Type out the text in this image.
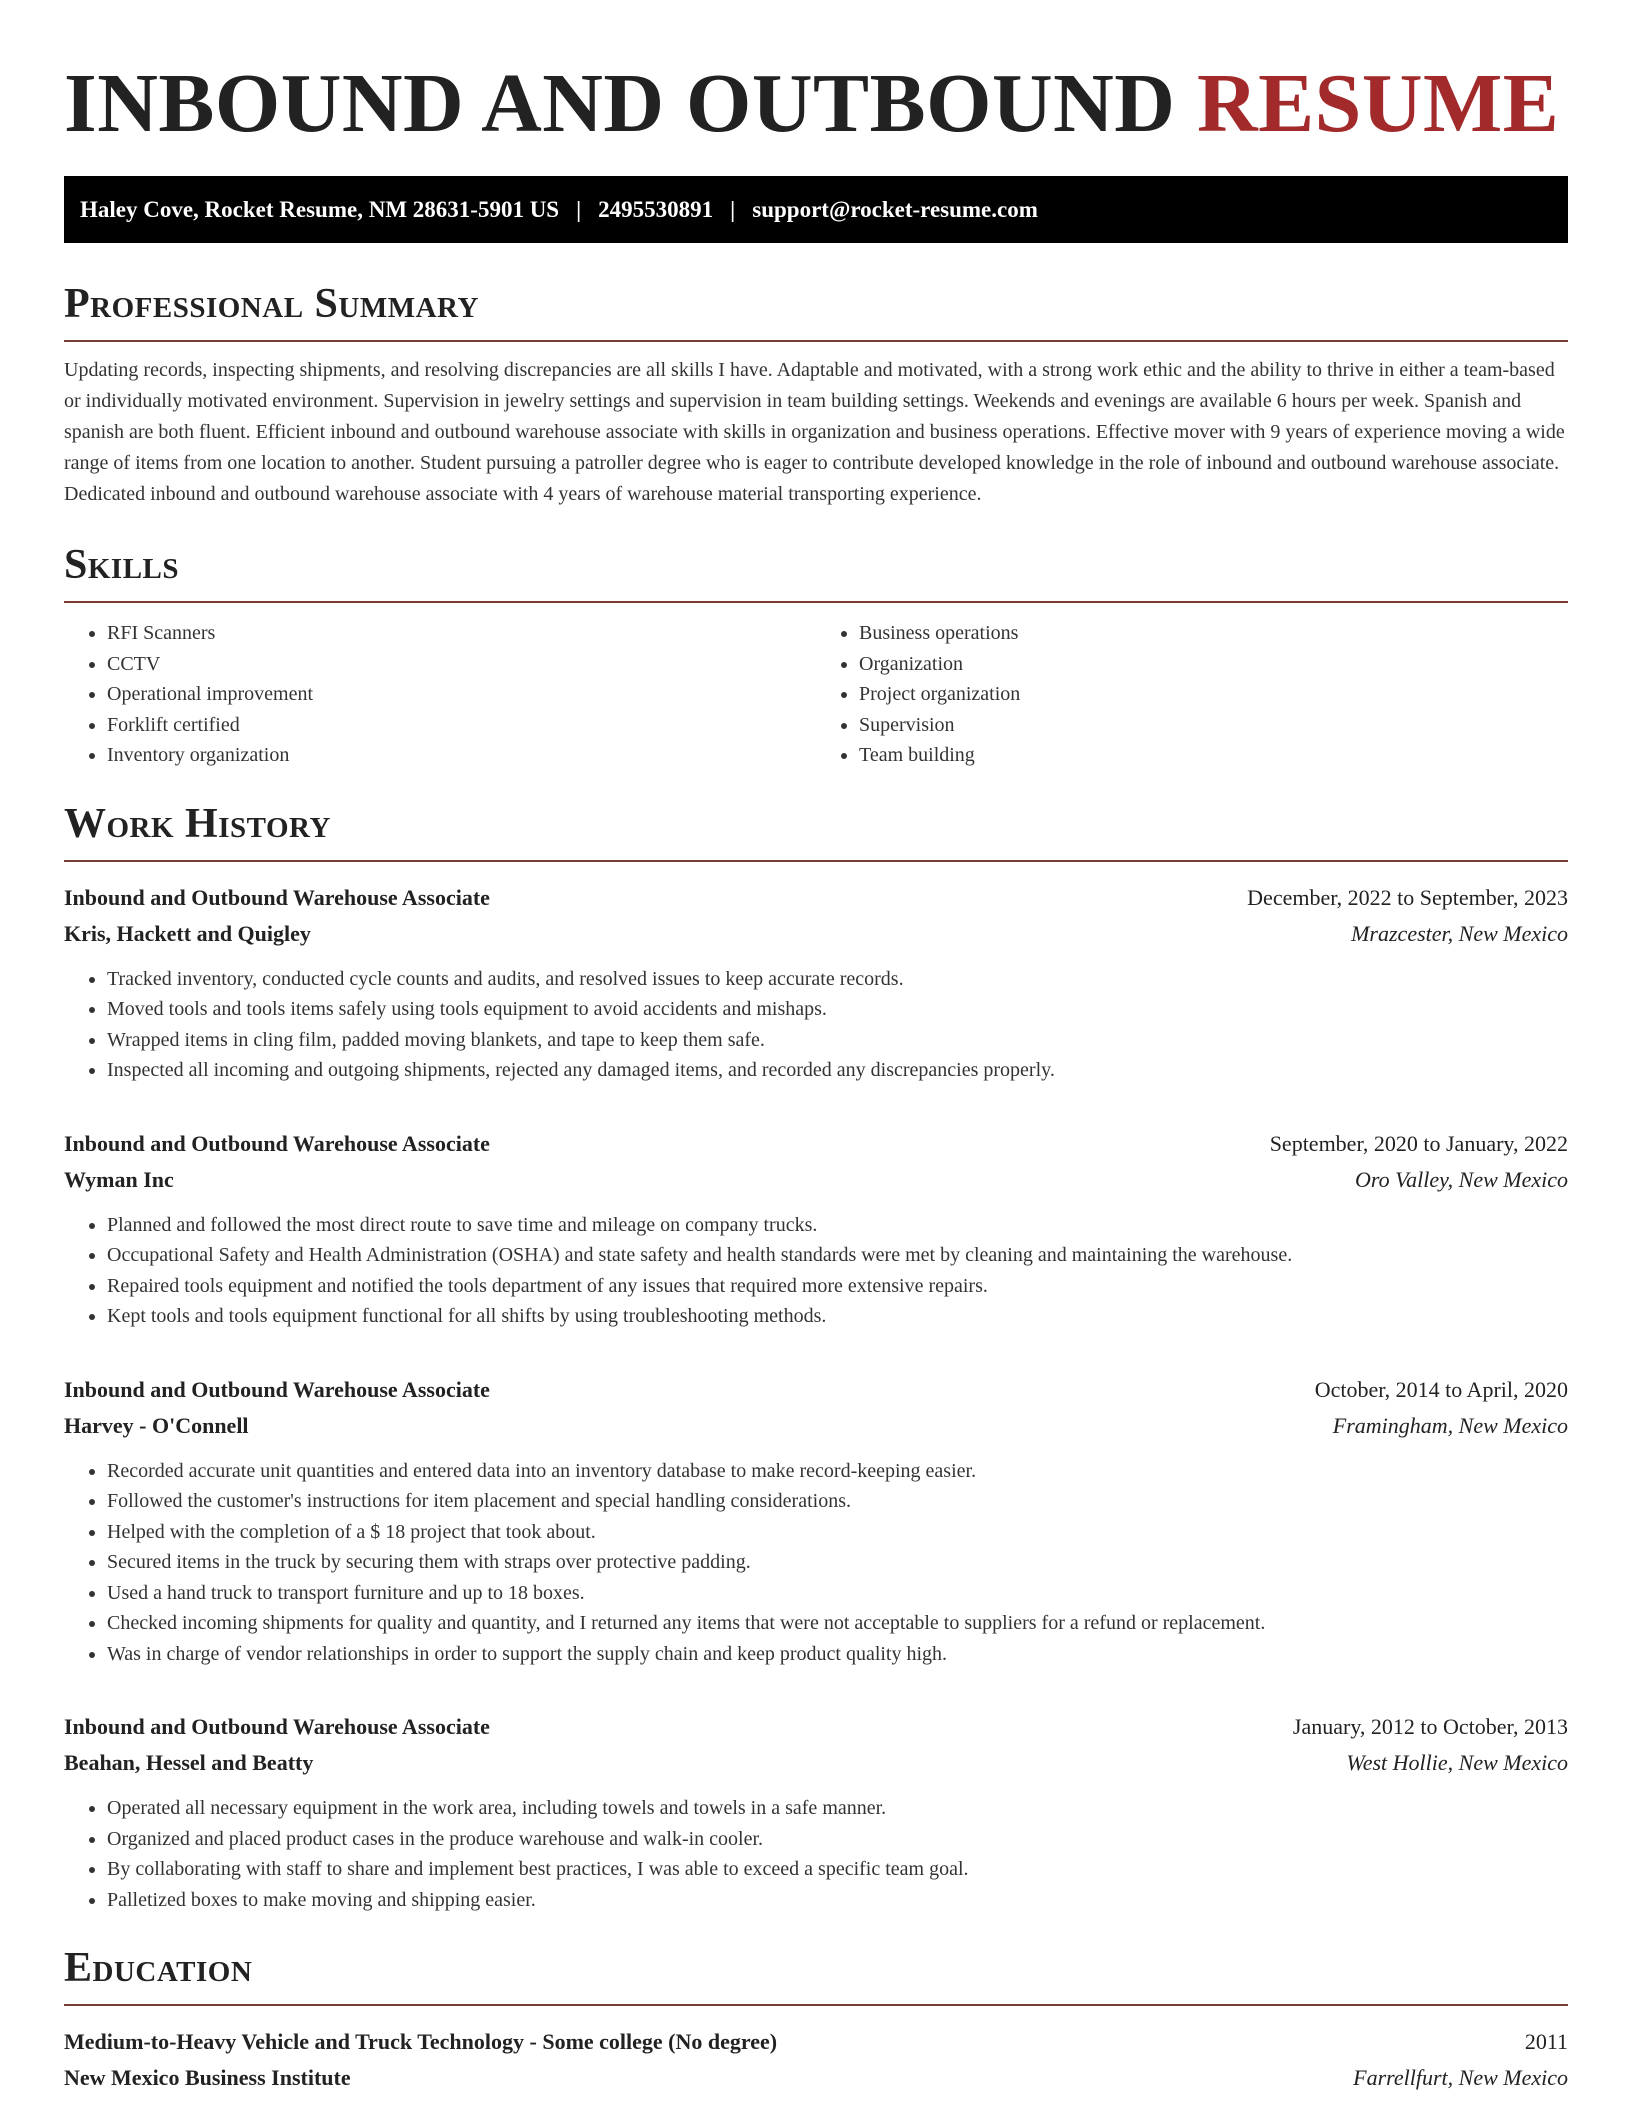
INBOUND AND OUTBOUND RESUME
Haley Cove, Rocket Resume, NM 28631-5901 US | 2495530891 | support@rocket-resume.com
Professional Summary

Updating records, inspecting shipments, and resolving discrepancies are all skills I have. Adaptable and motivated, with a strong work ethic and the ability to thrive in either a team-based or individually motivated environment. Supervision in jewelry settings and supervision in team building settings. Weekends and evenings are available 6 hours per week. Spanish and spanish are both fluent. Efficient inbound and outbound warehouse associate with skills in organization and business operations. Effective mover with 9 years of experience moving a wide range of items from one location to another. Student pursuing a patroller degree who is eager to contribute developed knowledge in the role of inbound and outbound warehouse associate. Dedicated inbound and outbound warehouse associate with 4 years of warehouse material transporting experience.

Skills
• RFI Scanners
• CCTV
• Operational improvement
• Forklift certified
• Inventory organization
• Business operations
• Organization
• Project organization
• Supervision
• Team building
Work History
Inbound and Outbound Warehouse Associate	December, 2022 to September, 2023
Kris, Hackett and Quigley	Mrazcester, New Mexico
• Tracked inventory, conducted cycle counts and audits, and resolved issues to keep accurate records.
• Moved tools and tools items safely using tools equipment to avoid accidents and mishaps.
• Wrapped items in cling film, padded moving blankets, and tape to keep them safe.
• Inspected all incoming and outgoing shipments, rejected any damaged items, and recorded any discrepancies properly.
Inbound and Outbound Warehouse Associate	September, 2020 to January, 2022
Wyman Inc	Oro Valley, New Mexico
• Planned and followed the most direct route to save time and mileage on company trucks.
• Occupational Safety and Health Administration (OSHA) and state safety and health standards were met by cleaning and maintaining the warehouse.
• Repaired tools equipment and notified the tools department of any issues that required more extensive repairs.
• Kept tools and tools equipment functional for all shifts by using troubleshooting methods.
Inbound and Outbound Warehouse Associate	October, 2014 to April, 2020
Harvey - O'Connell	Framingham, New Mexico
• Recorded accurate unit quantities and entered data into an inventory database to make record-keeping easier.
• Followed the customer's instructions for item placement and special handling considerations.
• Helped with the completion of a $ 18 project that took about.
• Secured items in the truck by securing them with straps over protective padding.
• Used a hand truck to transport furniture and up to 18 boxes.
• Checked incoming shipments for quality and quantity, and I returned any items that were not acceptable to suppliers for a refund or replacement.
• Was in charge of vendor relationships in order to support the supply chain and keep product quality high.
Inbound and Outbound Warehouse Associate	January, 2012 to October, 2013
Beahan, Hessel and Beatty	West Hollie, New Mexico
• Operated all necessary equipment in the work area, including towels and towels in a safe manner.
• Organized and placed product cases in the produce warehouse and walk-in cooler.
• By collaborating with staff to share and implement best practices, I was able to exceed a specific team goal.
• Palletized boxes to make moving and shipping easier.
Education
Medium-to-Heavy Vehicle and Truck Technology - Some college (No degree)	2011
New Mexico Business Institute	Farrellfurt, New Mexico
